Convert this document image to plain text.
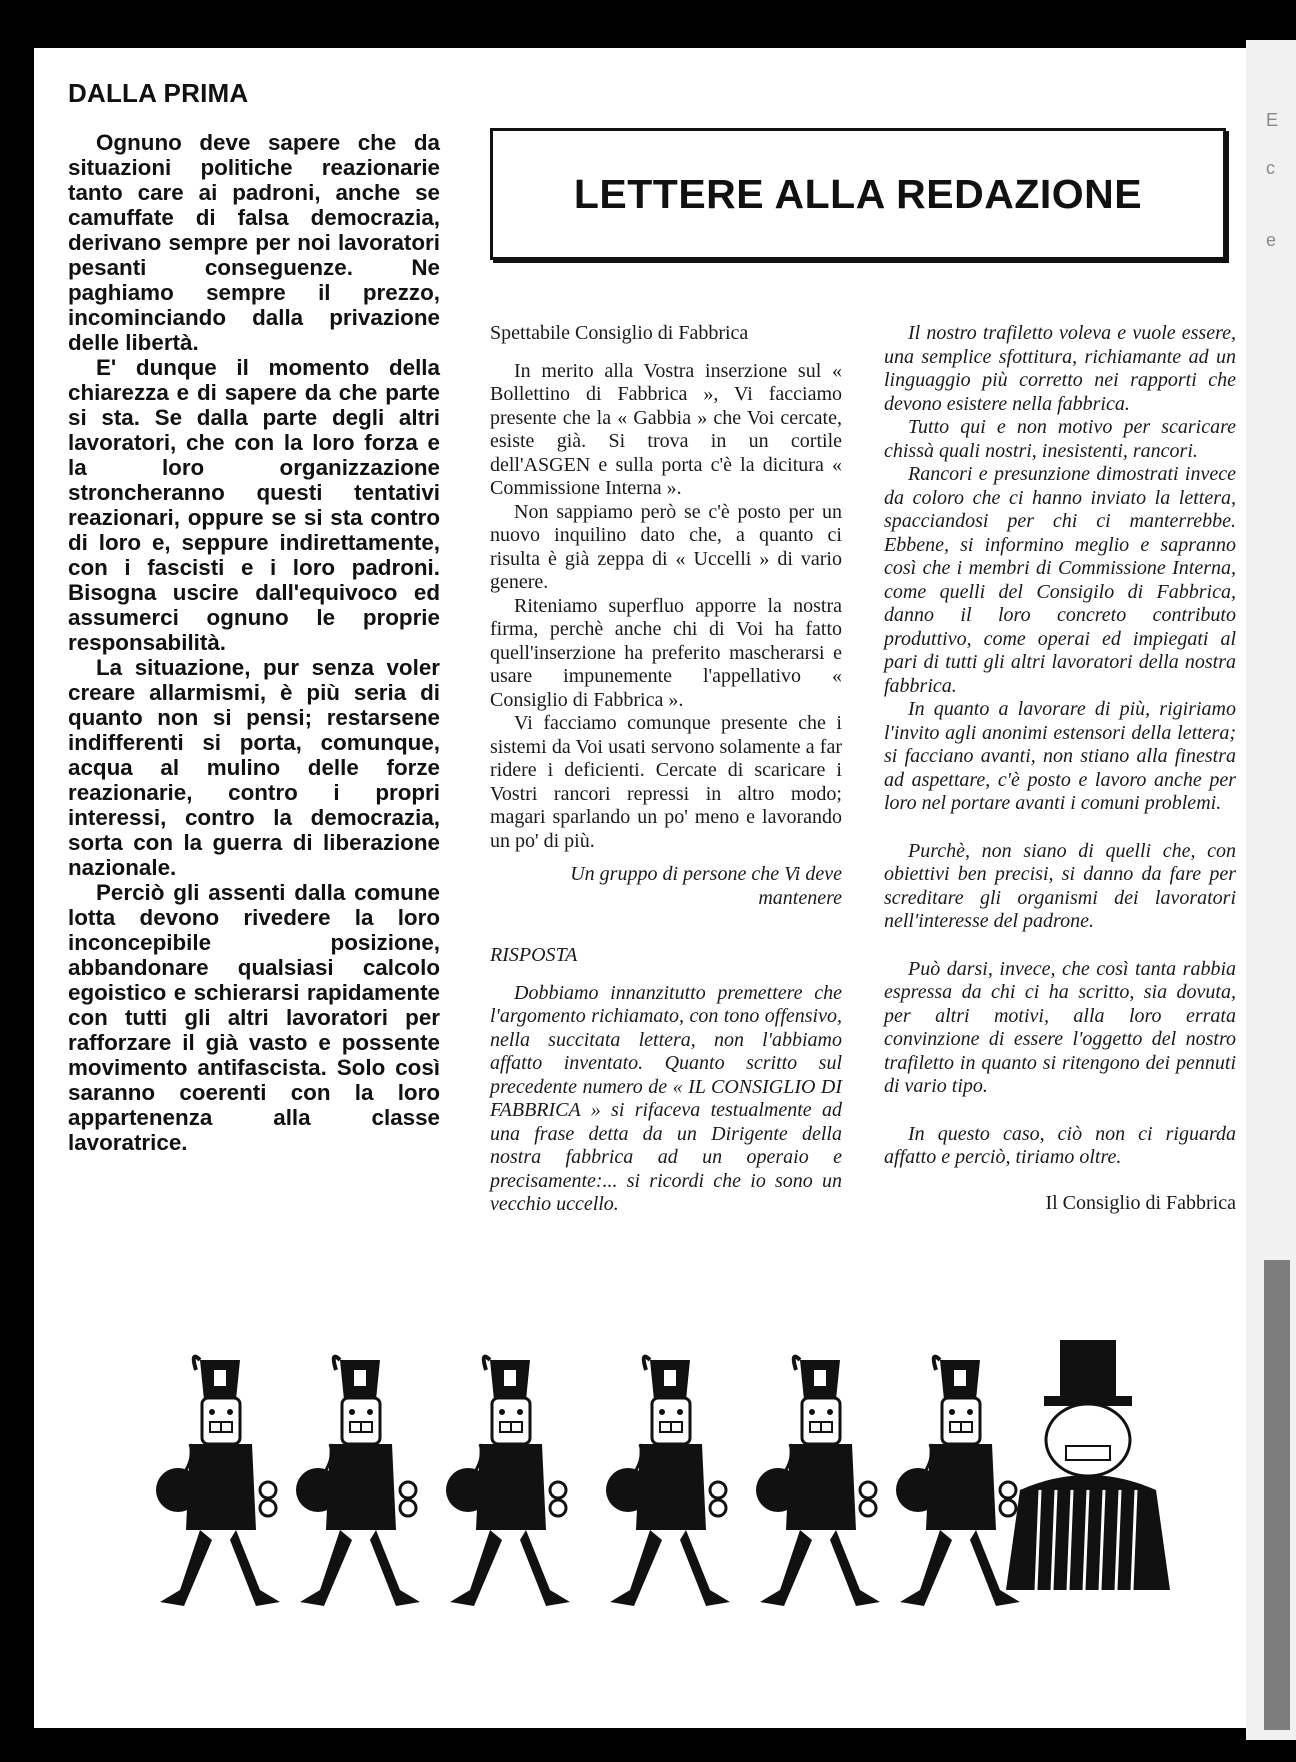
E
c
e
DALLA PRIMA

Ognuno deve sapere che da situazioni politiche reazionarie tanto care ai padroni, anche se camuffate di falsa democrazia, derivano sempre per noi lavoratori pesanti conseguenze. Ne paghiamo sempre il prezzo, incominciando dalla privazione delle libertà.

E' dunque il momento della chiarezza e di sapere da che parte si sta. Se dalla parte degli altri lavoratori, che con la loro forza e la loro organizzazione stroncheranno questi tentativi reazionari, oppure se si sta contro di loro e, seppure indirettamente, con i fascisti e i loro padroni. Bisogna uscire dall'equivoco ed assumerci ognuno le proprie responsabilità.

La situazione, pur senza voler creare allarmismi, è più seria di quanto non si pensi; restarsene indifferenti si porta, comunque, acqua al mulino delle forze reazionarie, contro i propri interessi, contro la democrazia, sorta con la guerra di liberazione nazionale.

Perciò gli assenti dalla comune lotta devono rivedere la loro inconcepibile posizione, abbandonare qualsiasi calcolo egoistico e schierarsi rapidamente con tutti gli altri lavoratori per rafforzare il già vasto e possente movimento antifascista. Solo così saranno coerenti con la loro appartenenza alla classe lavoratrice.

LETTERE ALLA REDAZIONE

Spettabile Consiglio di Fabbrica

In merito alla Vostra inserzione sul « Bollettino di Fabbrica », Vi facciamo presente che la « Gabbia » che Voi cercate, esiste già. Si trova in un cortile dell'ASGEN e sulla porta c'è la dicitura « Commissione Interna ».

Non sappiamo però se c'è posto per un nuovo inquilino dato che, a quanto ci risulta è già zeppa di « Uccelli » di vario genere.

Riteniamo superfluo apporre la nostra firma, perchè anche chi di Voi ha fatto quell'inserzione ha preferito mascherarsi e usare impunemente l'appellativo « Consiglio di Fabbrica ».

Vi facciamo comunque presente che i sistemi da Voi usati servono solamente a far ridere i deficienti. Cercate di scaricare i Vostri rancori repressi in altro modo; magari sparlando un po' meno e lavorando un po' di più.

Un gruppo di persone che Vi deve mantenere

RISPOSTA

Dobbiamo innanzitutto premettere che l'argomento richiamato, con tono offensivo, nella succitata lettera, non l'abbiamo affatto inventato. Quanto scritto sul precedente numero de « IL CONSIGLIO DI FABBRICA » si rifaceva testualmente ad una frase detta da un Dirigente della nostra fabbrica ad un operaio e precisamente:... si ricordi che io sono un vecchio uccello.

Il nostro trafiletto voleva e vuole essere, una semplice sfottitura, richiamante ad un linguaggio più corretto nei rapporti che devono esistere nella fabbrica.

Tutto qui e non motivo per scaricare chissà quali nostri, inesistenti, rancori.

Rancori e presunzione dimostrati invece da coloro che ci hanno inviato la lettera, spacciandosi per chi ci manterrebbe. Ebbene, si informino meglio e sapranno così che i membri di Commissione Interna, come quelli del Consigilo di Fabbrica, danno il loro concreto contributo produttivo, come operai ed impiegati al pari di tutti gli altri lavoratori della nostra fabbrica.

In quanto a lavorare di più, rigiriamo l'invito agli anonimi estensori della lettera; si facciano avanti, non stiano alla finestra ad aspettare, c'è posto e lavoro anche per loro nel portare avanti i comuni problemi.

Purchè, non siano di quelli che, con obiettivi ben precisi, si danno da fare per screditare gli organismi dei lavoratori nell'interesse del padrone.

Può darsi, invece, che così tanta rabbia espressa da chi ci ha scritto, sia dovuta, per altri motivi, alla loro errata convinzione di essere l'oggetto del nostro trafiletto in quanto si ritengono dei pennuti di vario tipo.

In questo caso, ciò non ci riguarda affatto e perciò, tiriamo oltre.

Il Consiglio di Fabbrica
